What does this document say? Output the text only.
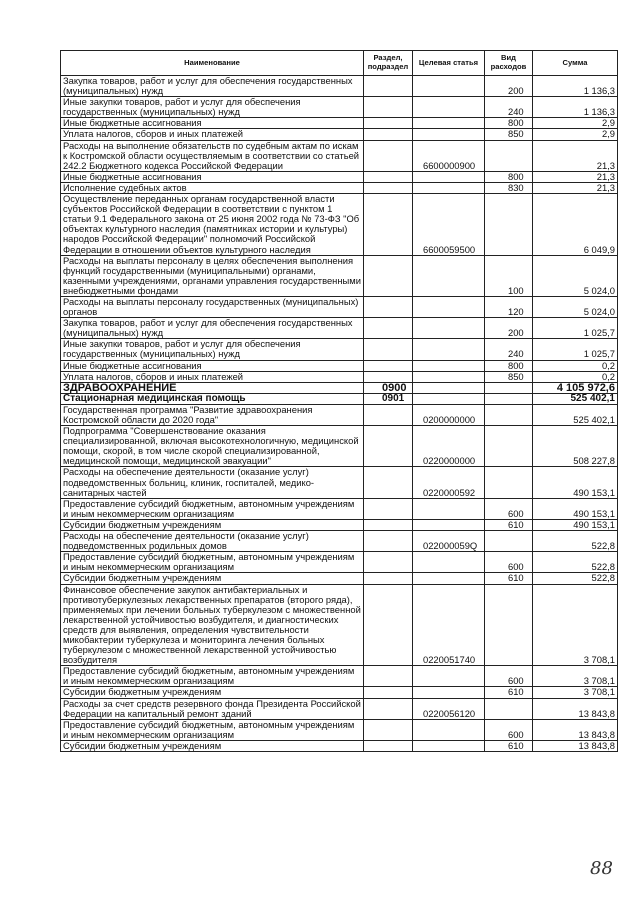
Наименование	Раздел, подраздел	Целевая статья	Вид расходов	Сумма
Закупка товаров, работ и услуг для обеспечения государственных (муниципальных) нужд			200	1 136,3
Иные закупки товаров, работ и услуг для обеспечения государственных (муниципальных) нужд			240	1 136,3
Иные бюджетные ассигнования			800	2,9
Уплата налогов, сборов и иных платежей			850	2,9
Расходы на выполнение обязательств по судебным актам по искам к Костромской области осуществляемым в соответствии со статьей 242.2 Бюджетного кодекса Российской Федерации		6600000900		21,3
Иные бюджетные ассигнования			800	21,3
Исполнение судебных актов			830	21,3
Осуществление переданных органам государственной власти субъектов Российской Федерации в соответствии с пунктом 1 статьи 9.1 Федерального закона от 25 июня 2002 года № 73-ФЗ "Об объектах культурного наследия (памятниках истории и культуры) народов Российской Федерации" полномочий Российской Федерации в отношении объектов культурного наследия		6600059500		6 049,9
Расходы на выплаты персоналу в целях обеспечения выполнения функций государственными (муниципальными) органами, казенными учреждениями, органами управления государственными внебюджетными фондами			100	5 024,0
Расходы на выплаты персоналу государственных (муниципальных) органов			120	5 024,0
Закупка товаров, работ и услуг для обеспечения государственных (муниципальных) нужд			200	1 025,7
Иные закупки товаров, работ и услуг для обеспечения государственных (муниципальных) нужд			240	1 025,7
Иные бюджетные ассигнования			800	0,2
Уплата налогов, сборов и иных платежей			850	0,2
ЗДРАВООХРАНЕНИЕ	0900			4 105 972,6
Стационарная медицинская помощь	0901			525 402,1
Государственная программа "Развитие здравоохранения Костромской области до 2020 года"		0200000000		525 402,1
Подпрограмма "Совершенствование оказания специализированной, включая высокотехнологичную, медицинской помощи, скорой, в том числе скорой специализированной, медицинской помощи, медицинской эвакуации"		0220000000		508 227,8
Расходы на обеспечение деятельности (оказание услуг) подведомственных больниц, клиник, госпиталей, медико-санитарных частей		0220000592		490 153,1
Предоставление субсидий бюджетным, автономным учреждениям и иным некоммерческим организациям			600	490 153,1
Субсидии бюджетным учреждениям			610	490 153,1
Расходы на обеспечение деятельности (оказание услуг) подведомственных родильных домов		022000059Q		522,8
Предоставление субсидий бюджетным, автономным учреждениям и иным некоммерческим организациям			600	522,8
Субсидии бюджетным учреждениям			610	522,8
Финансовое обеспечение закупок антибактериальных и противотуберкулезных лекарственных препаратов (второго ряда), применяемых при лечении больных туберкулезом с множественной лекарственной устойчивостью возбудителя, и диагностических средств для выявления, определения чувствительности микобактерии туберкулеза и мониторинга лечения больных туберкулезом с множественной лекарственной устойчивостью возбудителя		0220051740		3 708,1
Предоставление субсидий бюджетным, автономным учреждениям и иным некоммерческим организациям			600	3 708,1
Субсидии бюджетным учреждениям			610	3 708,1
Расходы за счет средств резервного фонда Президента Российской Федерации на капитальный ремонт зданий		0220056120		13 843,8
Предоставление субсидий бюджетным, автономным учреждениям и иным некоммерческим организациям			600	13 843,8
Субсидии бюджетным учреждениям			610	13 843,8
88
